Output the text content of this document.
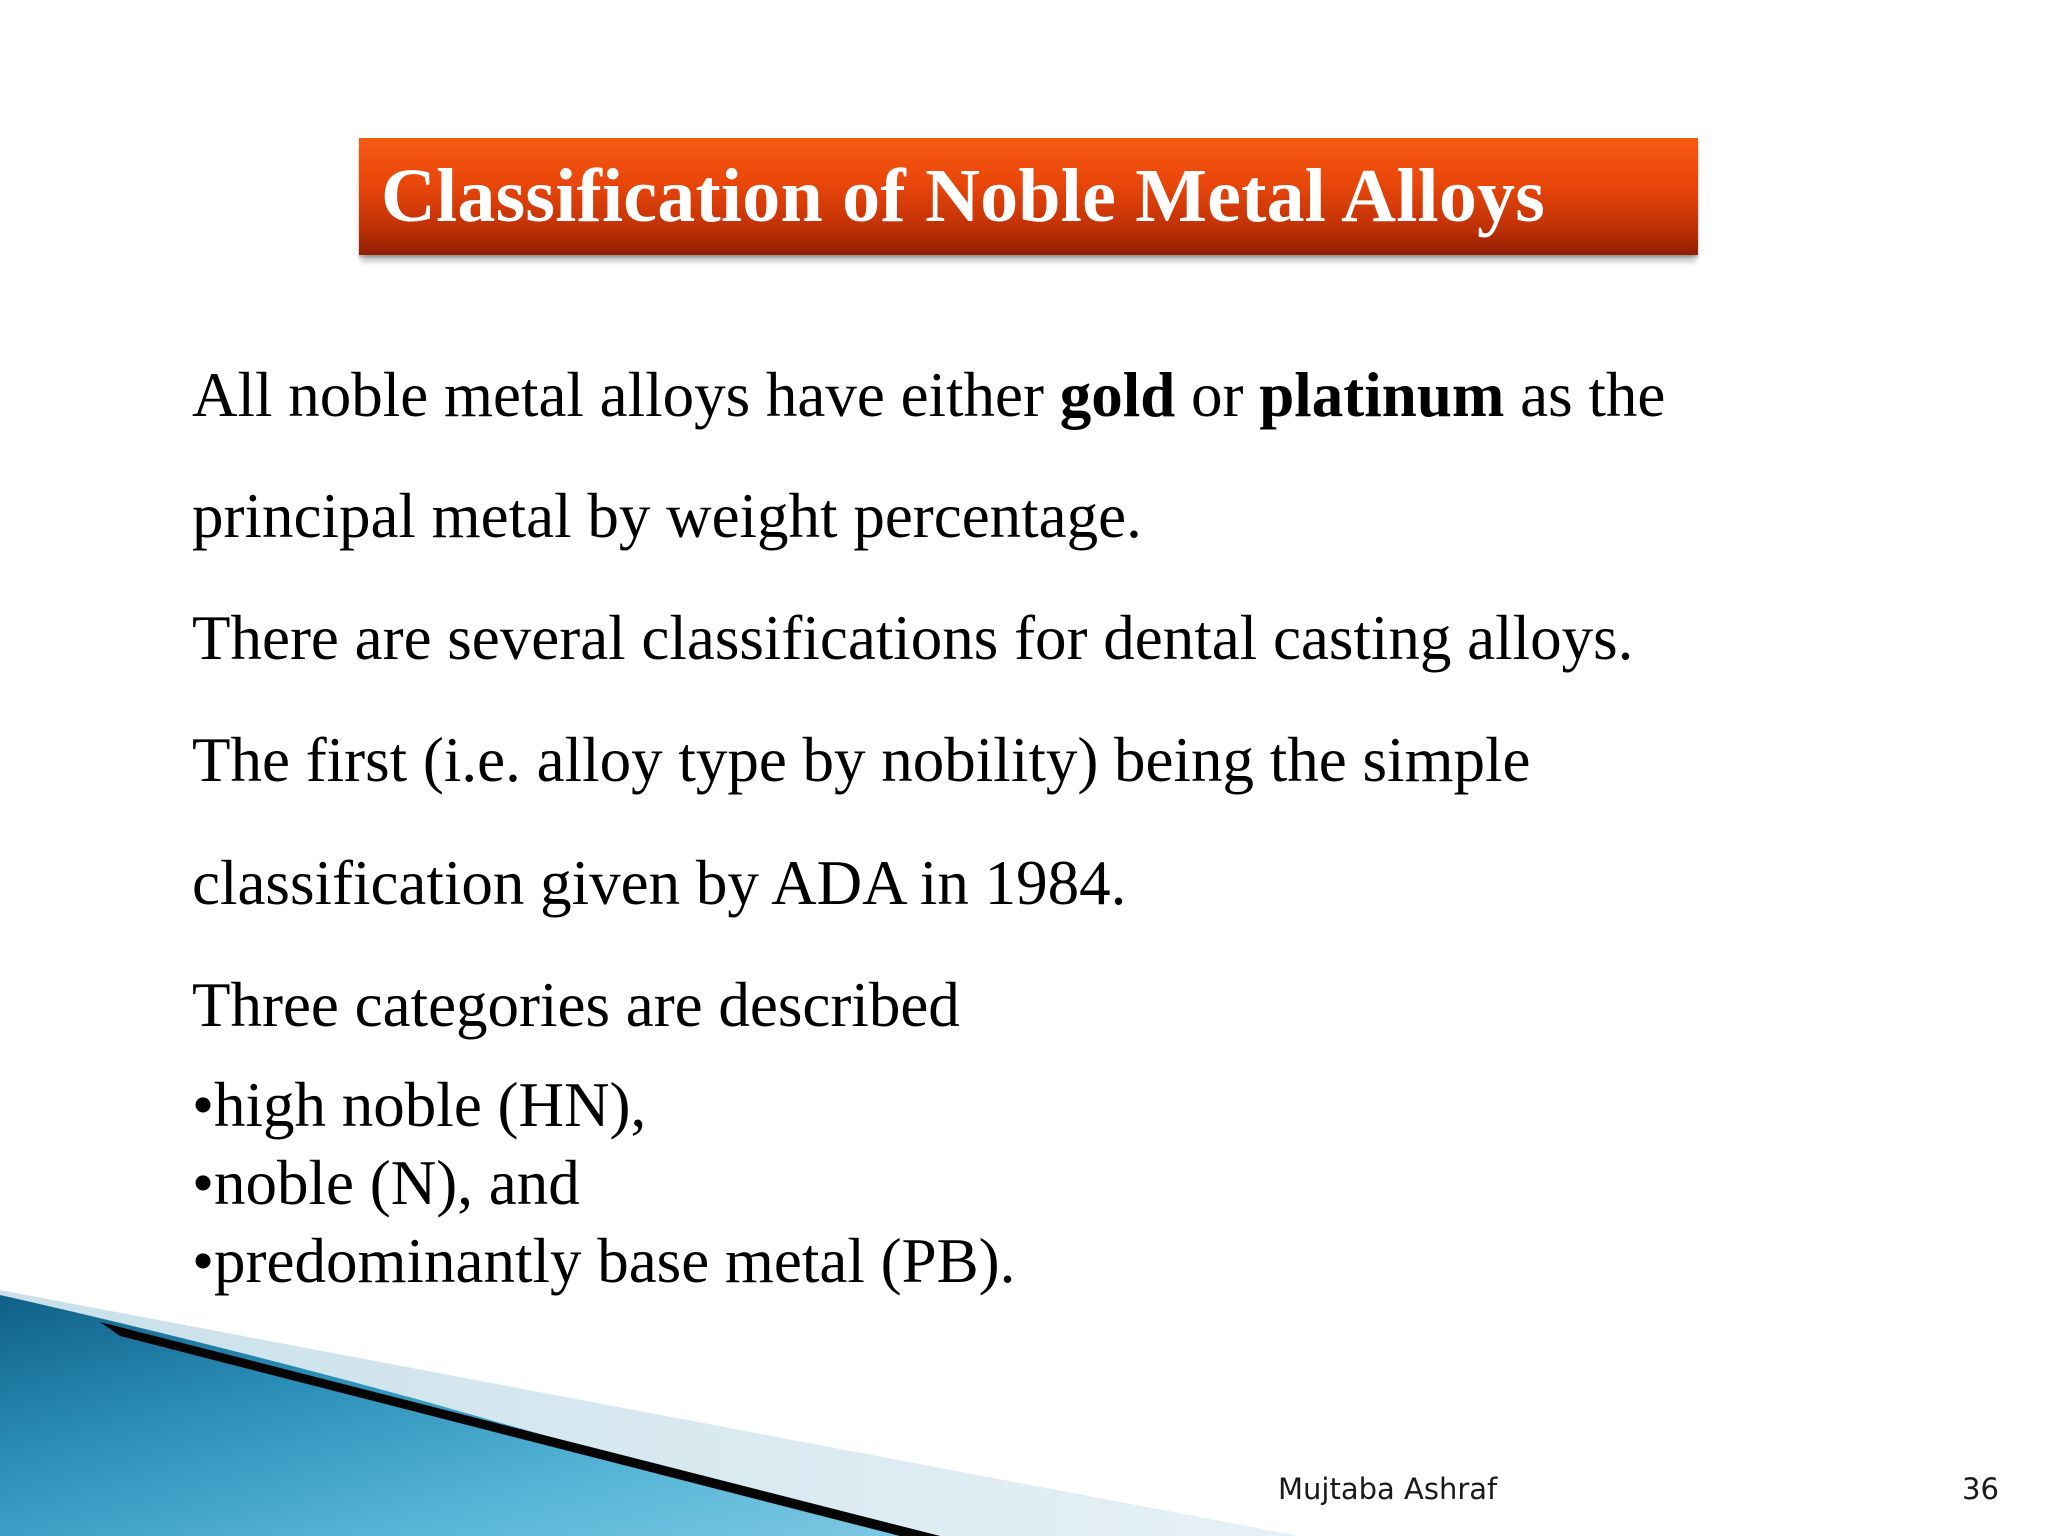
Classification of Noble Metal Alloys
All noble metal alloys have either gold or platinum as the
principal metal by weight percentage.
There are several classifications for dental casting alloys.
The first (i.e. alloy type by nobility) being the simple
classification given by ADA in 1984.
Three categories are described
•high noble (HN),
•noble (N), and
•predominantly base metal (PB).
Mujtaba Ashraf	36
